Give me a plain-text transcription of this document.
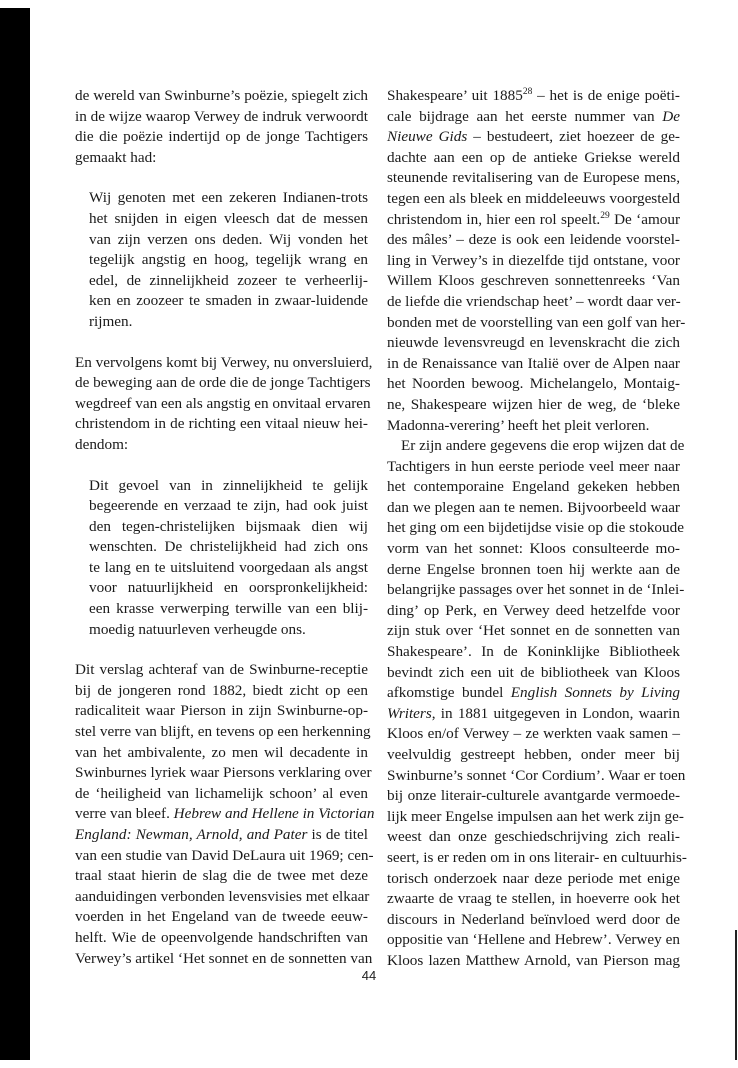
de wereld van Swinburne’s poëzie, spiegelt zich
in de wijze waarop Verwey de indruk verwoordt
die die poëzie indertijd op de jonge Tachtigers
gemaakt had:
Wij genoten met een zekeren Indianen-trots
het snijden in eigen vleesch dat de messen
van zijn verzen ons deden. Wij vonden het
tegelijk angstig en hoog, tegelijk wrang en
edel, de zinnelijkheid zozeer te verheerlij-
ken en zoozeer te smaden in zwaar-luidende
rijmen.
En vervolgens komt bij Verwey, nu onversluierd,
de beweging aan de orde die de jonge Tachtigers
wegdreef van een als angstig en onvitaal ervaren
christendom in de richting een vitaal nieuw hei-
dendom:
Dit gevoel van in zinnelijkheid te gelijk
begeerende en verzaad te zijn, had ook juist
den tegen-christelijken bijsmaak dien wij
wenschten. De christelijkheid had zich ons
te lang en te uitsluitend voorgedaan als angst
voor natuurlijkheid en oorspronkelijkheid:
een krasse verwerping terwille van een blij-
moedig natuurleven verheugde ons.
Dit verslag achteraf van de Swinburne-receptie
bij de jongeren rond 1882, biedt zicht op een
radicaliteit waar Pierson in zijn Swinburne-op-
stel verre van blijft, en tevens op een herkenning
van het ambivalente, zo men wil decadente in
Swinburnes lyriek waar Piersons verklaring over
de ‘heiligheid van lichamelijk schoon’ al even
verre van bleef. Hebrew and Hellene in Victorian
England: Newman, Arnold, and Pater is de titel
van een studie van David DeLaura uit 1969; cen-
traal staat hierin de slag die de twee met deze
aanduidingen verbonden levensvisies met elkaar
voerden in het Engeland van de tweede eeuw-
helft. Wie de opeenvolgende handschriften van
Verwey’s artikel ‘Het sonnet en de sonnetten van
Shakespeare’ uit 1885$^{28}$ – het is de enige poëti-
cale bijdrage aan het eerste nummer van De
Nieuwe Gids – bestudeert, ziet hoezeer de ge-
dachte aan een op de antieke Griekse wereld
steunende revitalisering van de Europese mens,
tegen een als bleek en middeleeuws voorgesteld
christendom in, hier een rol speelt.$^{29}$ De ‘amour
des mâles’ – deze is ook een leidende voorstel-
ling in Verwey’s in diezelfde tijd ontstane, voor
Willem Kloos geschreven sonnettenreeks ‘Van
de liefde die vriendschap heet’ – wordt daar ver-
bonden met de voorstelling van een golf van her-
nieuwde levensvreugd en levenskracht die zich
in de Renaissance van Italië over de Alpen naar
het Noorden bewoog. Michelangelo, Montaig-
ne, Shakespeare wijzen hier de weg, de ‘bleke
Madonna-verering’ heeft het pleit verloren.
Er zijn andere gegevens die erop wijzen dat de
Tachtigers in hun eerste periode veel meer naar
het contemporaine Engeland gekeken hebben
dan we plegen aan te nemen. Bijvoorbeeld waar
het ging om een bijdetijdse visie op die stokoude
vorm van het sonnet: Kloos consulteerde mo-
derne Engelse bronnen toen hij werkte aan de
belangrijke passages over het sonnet in de ‘Inlei-
ding’ op Perk, en Verwey deed hetzelfde voor
zijn stuk over ‘Het sonnet en de sonnetten van
Shakespeare’. In de Koninklijke Bibliotheek
bevindt zich een uit de bibliotheek van Kloos
afkomstige bundel English Sonnets by Living
Writers, in 1881 uitgegeven in London, waarin
Kloos en/of Verwey – ze werkten vaak samen –
veelvuldig gestreept hebben, onder meer bij
Swinburne’s sonnet ‘Cor Cordium’. Waar er toen
bij onze literair-culturele avantgarde vermoede-
lijk meer Engelse impulsen aan het werk zijn ge-
weest dan onze geschiedschrijving zich reali-
seert, is er reden om in ons literair- en cultuurhis-
torisch onderzoek naar deze periode met enige
zwaarte de vraag te stellen, in hoeverre ook het
discours in Nederland beïnvloed werd door de
oppositie van ‘Hellene and Hebrew’. Verwey en
Kloos lazen Matthew Arnold, van Pierson mag
44
